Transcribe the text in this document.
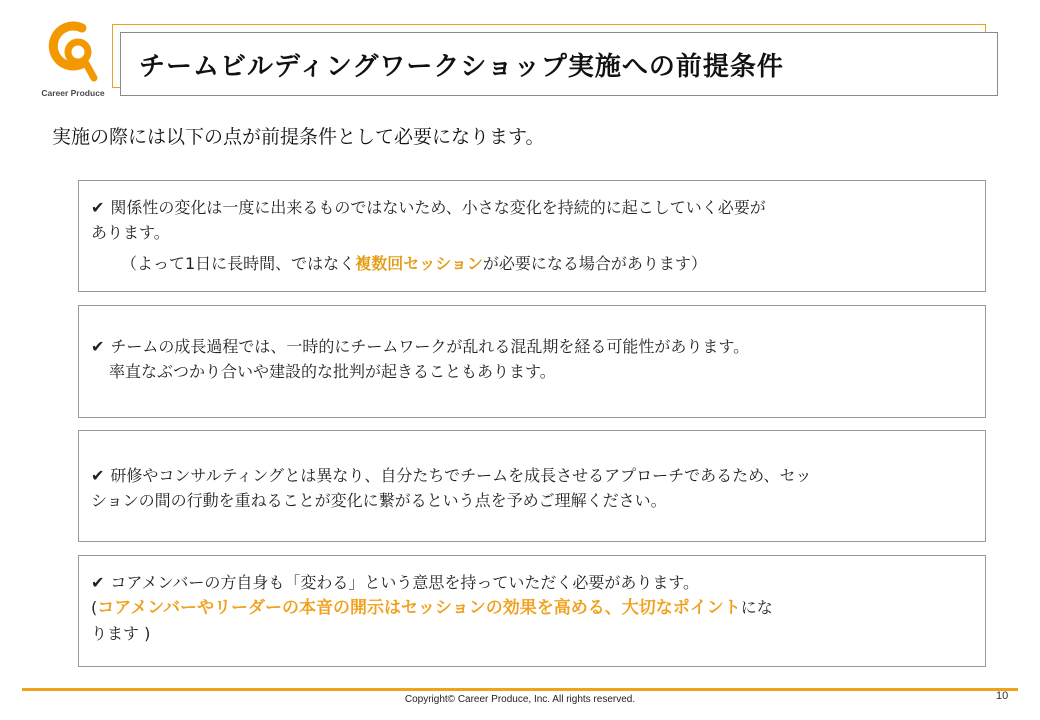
Career Produce
チームビルディングワークショップ実施への前提条件
実施の際には以下の点が前提条件として必要になります。
✔ 関係性の変化は一度に出来るものではないため、小さな変化を持続的に起こしていく必要が
あります。
（よって1日に長時間、ではなく複数回セッションが必要になる場合があります）
✔ チームの成長過程では、一時的にチームワークが乱れる混乱期を経る可能性があります。
率直なぶつかり合いや建設的な批判が起きることもあります。
✔ 研修やコンサルティングとは異なり、自分たちでチームを成長させるアプローチであるため、セッ
ションの間の行動を重ねることが変化に繋がるという点を予めご理解ください。
✔ コアメンバーの方自身も「変わる」という意思を持っていただく必要があります。
(コアメンバーやリーダーの本音の開示はセッションの効果を高める、大切なポイントにな
ります )
Copyright© Career Produce, Inc. All rights reserved.	10
